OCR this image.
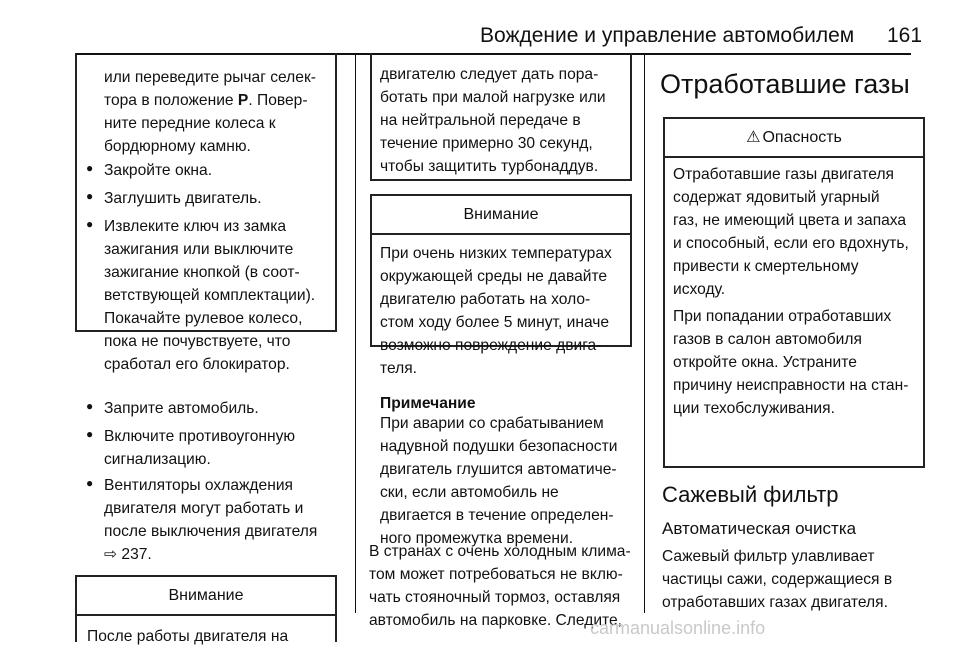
Вождение и управление автомобилем 161
или переведите рычаг селек-
тора в положение P. Повер-
ните передние колеса к
бордюрному камню.
● Закройте окна.
● Заглушить двигатель.
● Извлеките ключ из замка
зажигания или выключите
зажигание кнопкой (в соот-
ветствующей комплектации).
Покачайте рулевое колесо,
пока не почувствуете, что
сработал его блокиратор.
● Заприте автомобиль.
● Включите противоугонную
сигнализацию.
● Вентиляторы охлаждения
двигателя могут работать и
после выключения двигателя
⇨ 237.
Внимание
После работы двигателя на
двигателю следует дать пора-
ботать при малой нагрузке или
на нейтральной передаче в
течение примерно 30 секунд,
чтобы защитить турбонаддув.
Внимание
При очень низких температурах
окружающей среды не давайте
двигателю работать на холо-
стом ходу более 5 минут, иначе
возможно повреждение двига-
теля.
Примечание
При аварии со срабатыванием
надувной подушки безопасности
двигатель глушится автоматиче-
ски, если автомобиль не
двигается в течение определен-
ного промежутка времени.
В странах с очень холодным клима-
том может потребоваться не вклю-
чать стояночный тормоз, оставляя
автомобиль на парковке. Следите,
Отработавшие газы
⚠ Опасность
Отработавшие газы двигателя
содержат ядовитый угарный
газ, не имеющий цвета и запаха
и способный, если его вдохнуть,
привести к смертельному
исходу.
При попадании отработавших
газов в салон автомобиля
откройте окна. Устраните
причину неисправности на стан-
ции техобслуживания.
Сажевый фильтр
Автоматическая очистка
Сажевый фильтр улавливает
частицы сажи, содержащиеся в
отработавших газах двигателя.
carmanualsonline.info
